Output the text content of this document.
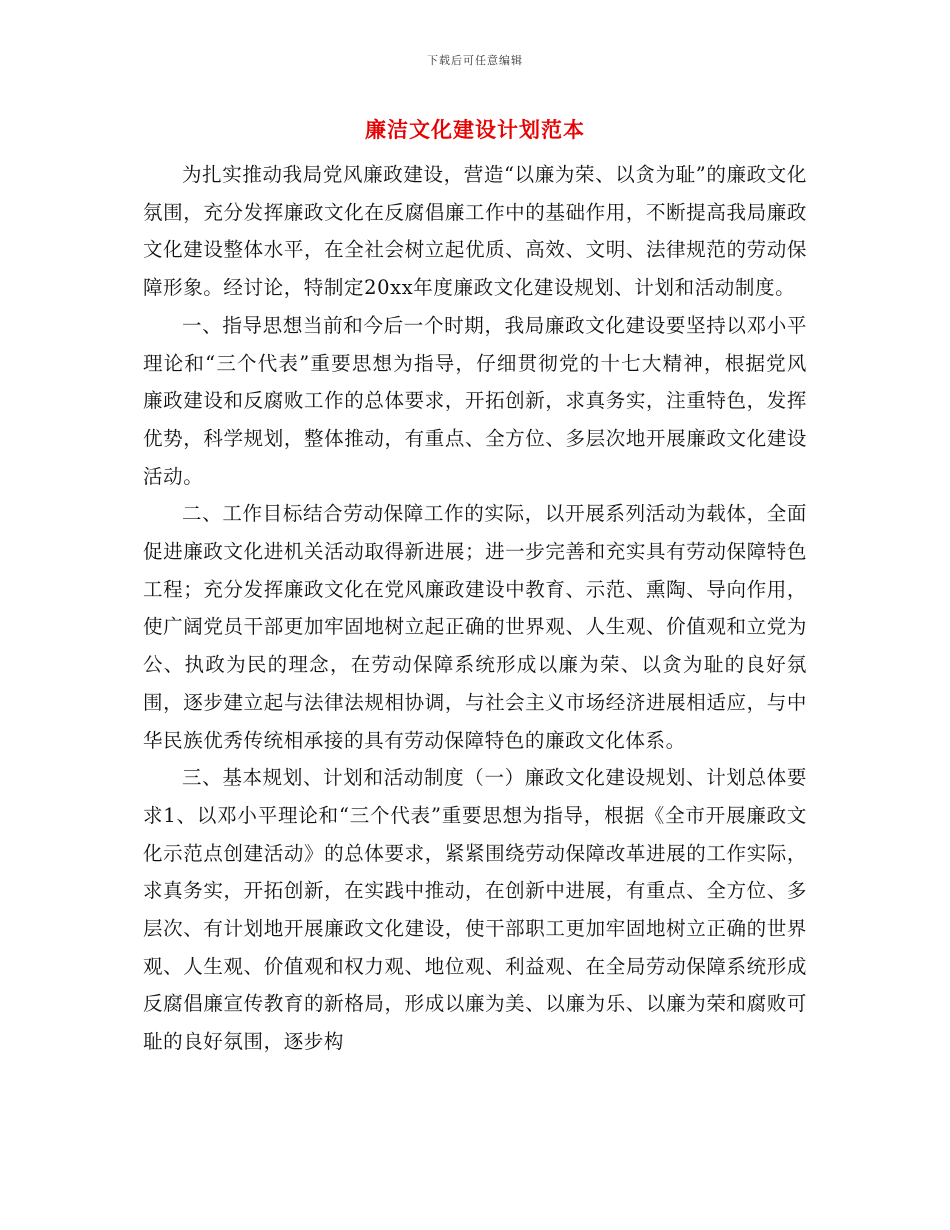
下载后可任意编辑
廉洁文化建设计划范本

为扎实推动我局党风廉政建设，营造“以廉为荣、以贪为耻”的廉政文化氛围，充分发挥廉政文化在反腐倡廉工作中的基础作用，不断提高我局廉政文化建设整体水平，在全社会树立起优质、高效、文明、法律规范的劳动保障形象。经讨论，特制定20xx年度廉政文化建设规划、计划和活动制度。

一、指导思想当前和今后一个时期，我局廉政文化建设要坚持以邓小平理论和“三个代表”重要思想为指导，仔细贯彻党的十七大精神，根据党风廉政建设和反腐败工作的总体要求，开拓创新，求真务实，注重特色，发挥优势，科学规划，整体推动，有重点、全方位、多层次地开展廉政文化建设活动。

二、工作目标结合劳动保障工作的实际，以开展系列活动为载体，全面促进廉政文化进机关活动取得新进展；进一步完善和充实具有劳动保障特色工程；充分发挥廉政文化在党风廉政建设中教育、示范、熏陶、导向作用，使广阔党员干部更加牢固地树立起正确的世界观、人生观、价值观和立党为公、执政为民的理念，在劳动保障系统形成以廉为荣、以贪为耻的良好氛围，逐步建立起与法律法规相协调，与社会主义市场经济进展相适应，与中华民族优秀传统相承接的具有劳动保障特色的廉政文化体系。

三、基本规划、计划和活动制度（一）廉政文化建设规划、计划总体要求1、以邓小平理论和“三个代表”重要思想为指导，根据《全市开展廉政文化示范点创建活动》的总体要求，紧紧围绕劳动保障改革进展的工作实际，求真务实，开拓创新，在实践中推动，在创新中进展，有重点、全方位、多层次、有计划地开展廉政文化建设，使干部职工更加牢固地树立正确的世界观、人生观、价值观和权力观、地位观、利益观、在全局劳动保障系统形成反腐倡廉宣传教育的新格局，形成以廉为美、以廉为乐、以廉为荣和腐败可耻的良好氛围，逐步构
